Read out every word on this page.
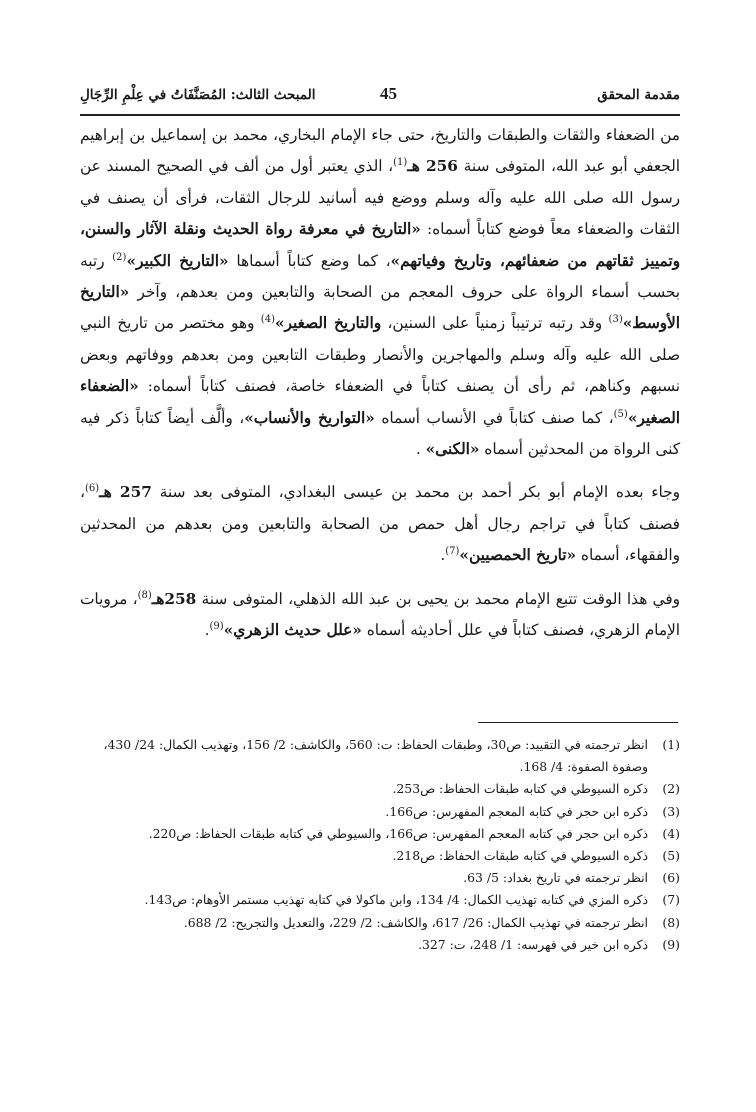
مقدمة المحقق
45
المبحث الثالث: المُصَنَّفَاتُ في عِلْمِ الرِّجَالِ

من الضعفاء والثقات والطبقات والتاريخ، حتى جاء الإمام البخاري، محمد بن إسماعيل بن إبراهيم الجعفي أبو عبد الله، المتوفى سنة 256 هـ$^{(1)}$، الذي يعتبر أول من ألف في الصحيح المسند عن رسول الله صلى الله عليه وآله وسلم ووضع فيه أسانيد للرجال الثقات، فرأى أن يصنف في الثقات والضعفاء معاً فوضع كتاباً أسماه: «التاريخ في معرفة رواة الحديث ونقلة الآثار والسنن، وتمييز ثقاتهم من ضعفائهم، وتاريخ وفياتهم»، كما وضع كتاباً أسماها «التاريخ الكبير»$^{(2)}$ رتبه بحسب أسماء الرواة على حروف المعجم من الصحابة والتابعين ومن بعدهم، وآخر «التاريخ الأوسط»$^{(3)}$ وقد رتبه ترتيباً زمنياً على السنين، والتاريخ الصغير»$^{(4)}$ وهو مختصر من تاريخ النبي صلى الله عليه وآله وسلم والمهاجرين والأنصار وطبقات التابعين ومن بعدهم ووفاتهم وبعض نسبهم وكناهم، ثم رأى أن يصنف كتاباً في الضعفاء خاصة، فصنف كتاباً أسماه: «الضعفاء الصغير»$^{(5)}$، كما صنف كتاباً في الأنساب أسماه «التواريخ والأنساب»، وألَّف أيضاً كتاباً ذكر فيه كنى الرواة من المحدثين أسماه «الكنى» .

وجاء بعده الإمام أبو بكر أحمد بن محمد بن عيسى البغدادي، المتوفى بعد سنة 257 هـ$^{(6)}$، فصنف كتاباً في تراجم رجال أهل حمص من الصحابة والتابعين ومن بعدهم من المحدثين والفقهاء، أسماه «تاريخ الحمصيين»$^{(7)}$.

وفي هذا الوقت تتبع الإمام محمد بن يحيى بن عبد الله الذهلي، المتوفى سنة 258هـ$^{(8)}$، مرويات الإمام الزهري، فصنف كتاباً في علل أحاديثه أسماه «علل حديث الزهري»$^{(9)}$.

(1)
انظر ترجمته في التقييد: ص30، وطبقات الحفاظ: ت: 560، والكاشف: 2/ 156، وتهذيب الكمال: 24/ 430، وصفوة الصفوة: 4/ 168.
(2)
ذكره السيوطي في كتابه طبقات الحفاظ: ص253.
(3)
ذكره ابن حجر في كتابه المعجم المفهرس: ص166.
(4)
ذكره ابن حجر في كتابه المعجم المفهرس: ص166، والسيوطي في كتابه طبقات الحفاظ: ص220.
(5)
ذكره السيوطي في كتابه طبقات الحفاظ: ص218.
(6)
انظر ترجمته في تاريخ بغداد: 5/ 63.
(7)
ذكره المزي في كتابه تهذيب الكمال: 4/ 134، وابن ماكولا في كتابه تهذيب مستمر الأوهام: ص143.
(8)
انظر ترجمته في تهذيب الكمال: 26/ 617، والكاشف: 2/ 229، والتعديل والتجريح: 2/ 688.
(9)
ذكره ابن خير في فهرسه: 1/ 248، ت: 327.
